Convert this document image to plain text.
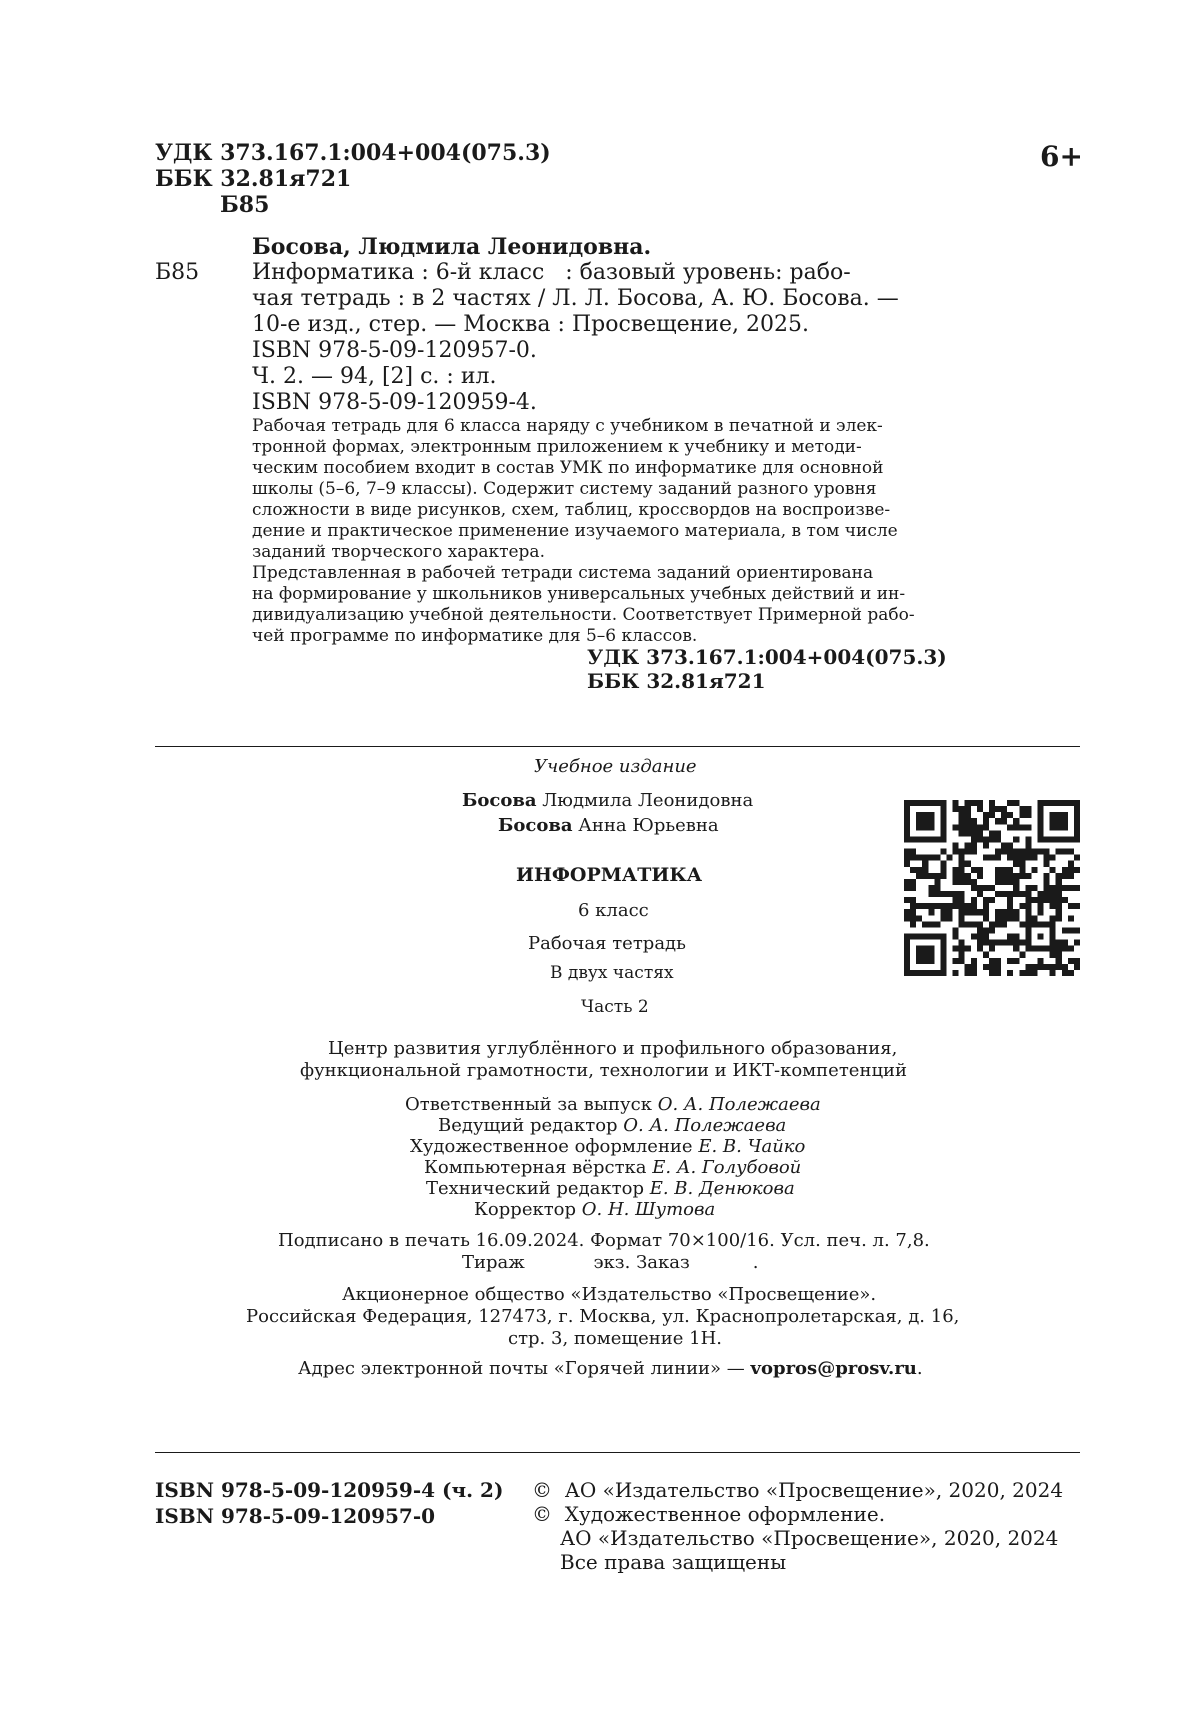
УДК 373.167.1:004+004(075.3)
ББК 32.81я721
Б85
6+
Босова, Людмила Леонидовна.
Б85 Информатика : 6-й класс   : базовый уровень: рабо-
чая тетрадь : в 2 частях / Л. Л. Босова, А. Ю. Босова. —
10-е изд., стер. — Москва : Просвещение, 2025.
ISBN 978-5-09-120957-0.
Ч. 2. — 94, [2] с. : ил.
ISBN 978-5-09-120959-4.
Рабочая тетрадь для 6 класса наряду с учебником в печатной и элек-
тронной формах, электронным приложением к учебнику и методи-
ческим пособием входит в состав УМК по информатике для основной
школы (5–6, 7–9 классы). Содержит систему заданий разного уровня
сложности в виде рисунков, схем, таблиц, кроссвордов на воспроизве-
дение и практическое применение изучаемого материала, в том числе
заданий творческого характера.
Представленная в рабочей тетради система заданий ориентирована
на формирование у школьников универсальных учебных действий и ин-
дивидуализацию учебной деятельности. Соответствует Примерной рабо-
чей программе по информатике для 5–6 классов.
УДК 373.167.1:004+004(075.3)
ББК 32.81я721
Учебное издание
Босова Людмила Леонидовна
Босова Анна Юрьевна
ИНФОРМАТИКА
6 класс
Рабочая тетрадь
В двух частях
Часть 2
Центр развития углублённого и профильного образования,
функциональной грамотности, технологии и ИКТ-компетенций
Ответственный за выпуск О. А. Полежаева
Ведущий редактор О. А. Полежаева
Художественное оформление Е. В. Чайко
Компьютерная вёрстка Е. А. Голубовой
Технический редактор Е. В. Денюкова
Корректор О. Н. Шутова
Подписано в печать 16.09.2024. Формат 70×100/16. Усл. печ. л. 7,8.
Тираж            экз. Заказ           .
Акционерное общество «Издательство «Просвещение».
Российская Федерация, 127473, г. Москва, ул. Краснопролетарская, д. 16,
стр. 3, помещение 1Н.
Адрес электронной почты «Горячей линии» — vopros@prosv.ru.
ISBN 978-5-09-120959-4 (ч. 2)
ISBN 978-5-09-120957-0
©  АО «Издательство «Просвещение», 2020, 2024
©  Художественное оформление.
АО «Издательство «Просвещение», 2020, 2024
Все права защищены
